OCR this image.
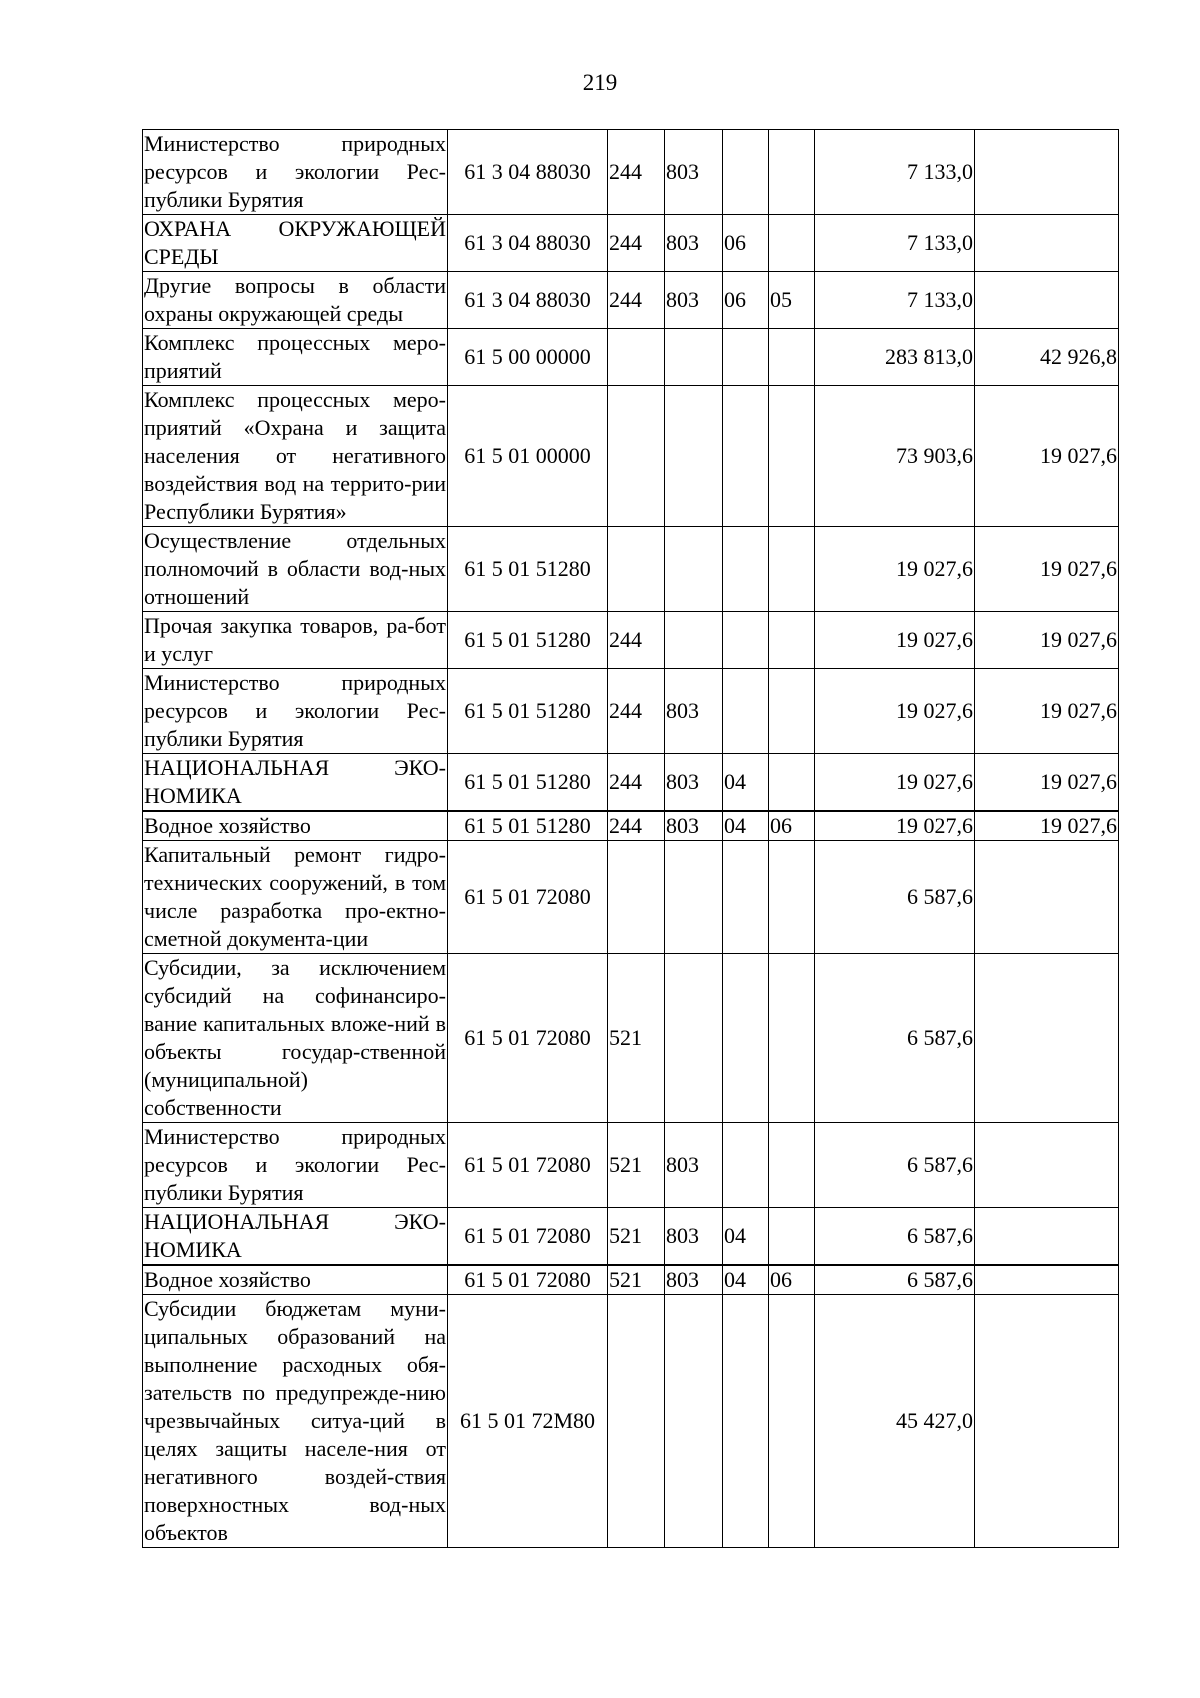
219
Министерство природных ресурсов и экологии Рес-публики Бурятия	61 3 04 88030	244	803			7 133,0	
ОХРАНА ОКРУЖАЮЩЕЙ СРЕДЫ	61 3 04 88030	244	803	06		7 133,0	
Другие вопросы в области охраны окружающей среды	61 3 04 88030	244	803	06	05	7 133,0	
Комплекс процессных меро-приятий	61 5 00 00000					283 813,0	42 926,8
Комплекс процессных меро-приятий «Охрана и защита населения от негативного воздействия вод на террито-рии Республики Бурятия»	61 5 01 00000					73 903,6	19 027,6
Осуществление отдельных полномочий в области вод-ных отношений	61 5 01 51280					19 027,6	19 027,6
Прочая закупка товаров, ра-бот и услуг	61 5 01 51280	244				19 027,6	19 027,6
Министерство природных ресурсов и экологии Рес-публики Бурятия	61 5 01 51280	244	803			19 027,6	19 027,6
НАЦИОНАЛЬНАЯ ЭКО-НОМИКА	61 5 01 51280	244	803	04		19 027,6	19 027,6
Водное хозяйство	61 5 01 51280	244	803	04	06	19 027,6	19 027,6
Капитальный ремонт гидро-технических сооружений, в том числе разработка про-ектно-сметной документа-ции	61 5 01 72080					6 587,6	
Субсидии, за исключением субсидий на софинансиро-вание капитальных вложе-ний в объекты государ-ственной (муниципальной) собственности	61 5 01 72080	521				6 587,6	
Министерство природных ресурсов и экологии Рес-публики Бурятия	61 5 01 72080	521	803			6 587,6	
НАЦИОНАЛЬНАЯ ЭКО-НОМИКА	61 5 01 72080	521	803	04		6 587,6	
Водное хозяйство	61 5 01 72080	521	803	04	06	6 587,6	
Субсидии бюджетам муни-ципальных образований на выполнение расходных обя-зательств по предупрежде-нию чрезвычайных ситуа-ций в целях защиты населе-ния от негативного воздей-ствия поверхностных вод-ных объектов	61 5 01 72М80					45 427,0	
